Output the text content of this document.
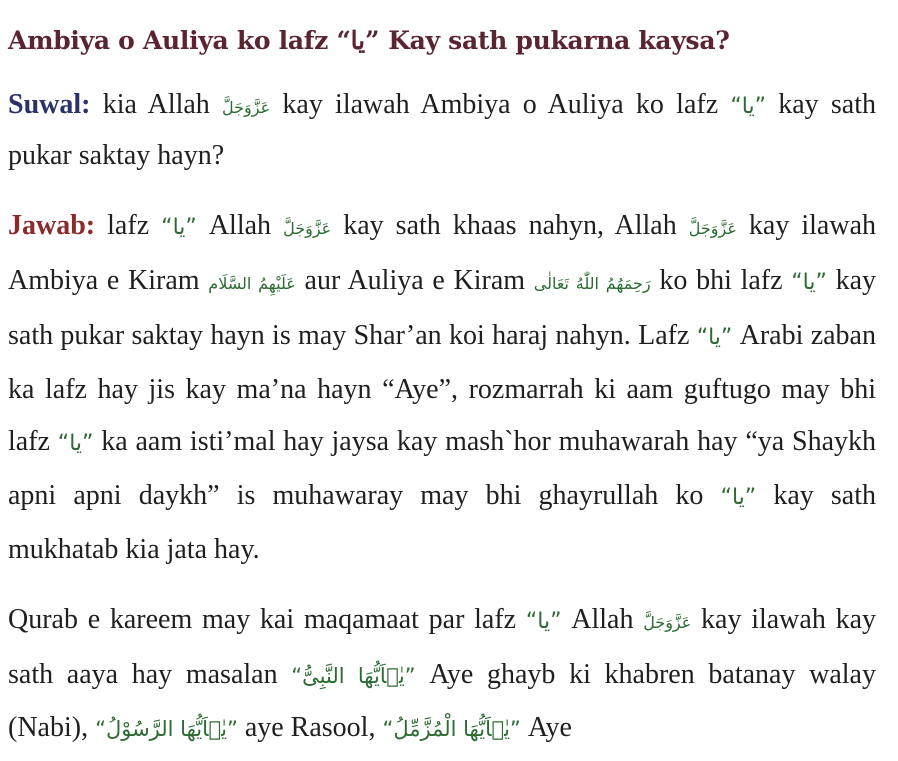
Ambiya o Auliya ko lafz “یا” Kay sath pukarna kaysa?

Suwal: kia Allah عَزَّوَجَلَّ kay ilawah Ambiya o Auliya ko lafz “یا” kay sath pukar saktay hayn?

Jawab: lafz “یا” Allah عَزَّوَجَلَّ kay sath khaas nahyn, Allah عَزَّوَجَلَّ kay ilawah Ambiya e Kiram عَلَيْهِمُ السَّلَام aur Auliya e Kiram رَحِمَهُمُ اللّٰهُ تَعَالٰی ko bhi lafz “یا” kay sath pukar saktay hayn is may Shar’an koi haraj nahyn. Lafz “یا” Arabi zaban ka lafz hay jis kay ma’na hayn “Aye”, rozmarrah ki aam guftugo may bhi lafz “یا” ka aam isti’mal hay jaysa kay mash`hor muhawarah hay “ya Shaykh apni apni daykh” is muhawaray may bhi ghayrullah ko “یا” kay sath mukhatab kia jata hay.

Qurab e kareem may kai maqamaat par lafz “یا” Allah عَزَّوَجَلَّ kay ilawah kay sath aaya hay masalan “یٰۤاَیُّهَا النَّبِیُّ” Aye ghayb ki khabren batanay walay (Nabi), “یٰۤاَیُّهَا الرَّسُوْلُ” aye Rasool, “یٰۤاَیُّهَا الْمُزَّمِّلُ” Aye
